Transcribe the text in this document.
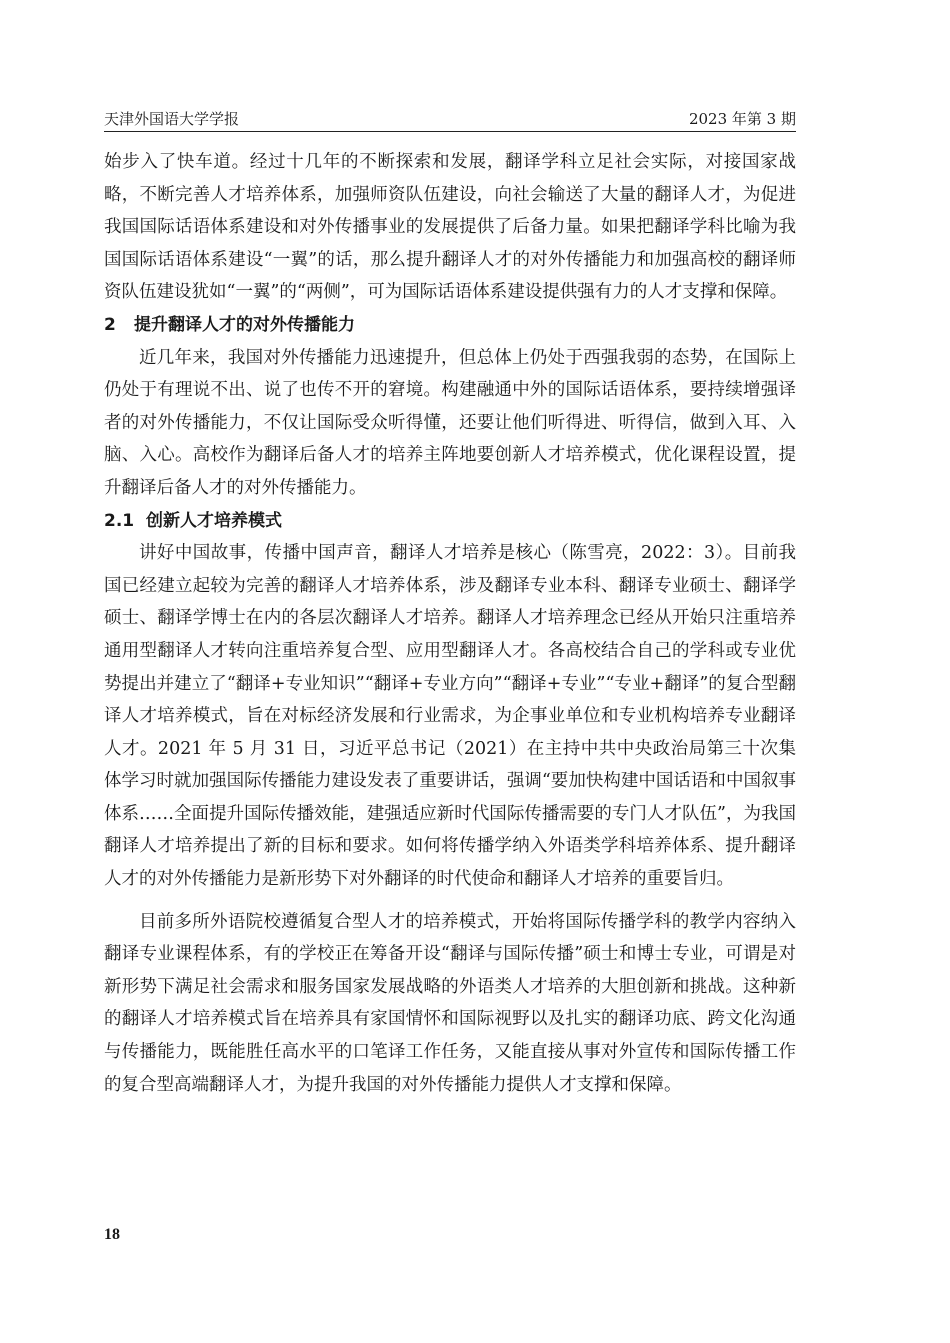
天津外国语大学学报	2023 年第 3 期

始步入了快车道。经过十几年的不断探索和发展，翻译学科立足社会实际，对接国家战略，不断完善人才培养体系，加强师资队伍建设，向社会输送了大量的翻译人才，为促进我国国际话语体系建设和对外传播事业的发展提供了后备力量。如果把翻译学科比喻为我国国际话语体系建设“一翼”的话，那么提升翻译人才的对外传播能力和加强高校的翻译师资队伍建设犹如“一翼”的“两侧”，可为国际话语体系建设提供强有力的人才支撑和保障。

2 提升翻译人才的对外传播能力

近几年来，我国对外传播能力迅速提升，但总体上仍处于西强我弱的态势，在国际上仍处于有理说不出、说了也传不开的窘境。构建融通中外的国际话语体系，要持续增强译者的对外传播能力，不仅让国际受众听得懂，还要让他们听得进、听得信，做到入耳、入脑、入心。高校作为翻译后备人才的培养主阵地要创新人才培养模式，优化课程设置，提升翻译后备人才的对外传播能力。

2.1 创新人才培养模式

讲好中国故事，传播中国声音，翻译人才培养是核心（陈雪亮，2022：3）。目前我国已经建立起较为完善的翻译人才培养体系，涉及翻译专业本科、翻译专业硕士、翻译学硕士、翻译学博士在内的各层次翻译人才培养。翻译人才培养理念已经从开始只注重培养通用型翻译人才转向注重培养复合型、应用型翻译人才。各高校结合自己的学科或专业优势提出并建立了“翻译+专业知识”“翻译+专业方向”“翻译+专业”“专业+翻译”的复合型翻译人才培养模式，旨在对标经济发展和行业需求，为企事业单位和专业机构培养专业翻译人才。2021 年 5 月 31 日，习近平总书记（2021）在主持中共中央政治局第三十次集体学习时就加强国际传播能力建设发表了重要讲话，强调“要加快构建中国话语和中国叙事体系……全面提升国际传播效能，建强适应新时代国际传播需要的专门人才队伍”，为我国翻译人才培养提出了新的目标和要求。如何将传播学纳入外语类学科培养体系、提升翻译人才的对外传播能力是新形势下对外翻译的时代使命和翻译人才培养的重要旨归。

目前多所外语院校遵循复合型人才的培养模式，开始将国际传播学科的教学内容纳入翻译专业课程体系，有的学校正在筹备开设“翻译与国际传播”硕士和博士专业，可谓是对新形势下满足社会需求和服务国家发展战略的外语类人才培养的大胆创新和挑战。这种新的翻译人才培养模式旨在培养具有家国情怀和国际视野以及扎实的翻译功底、跨文化沟通与传播能力，既能胜任高水平的口笔译工作任务，又能直接从事对外宣传和国际传播工作的复合型高端翻译人才，为提升我国的对外传播能力提供人才支撑和保障。

18
